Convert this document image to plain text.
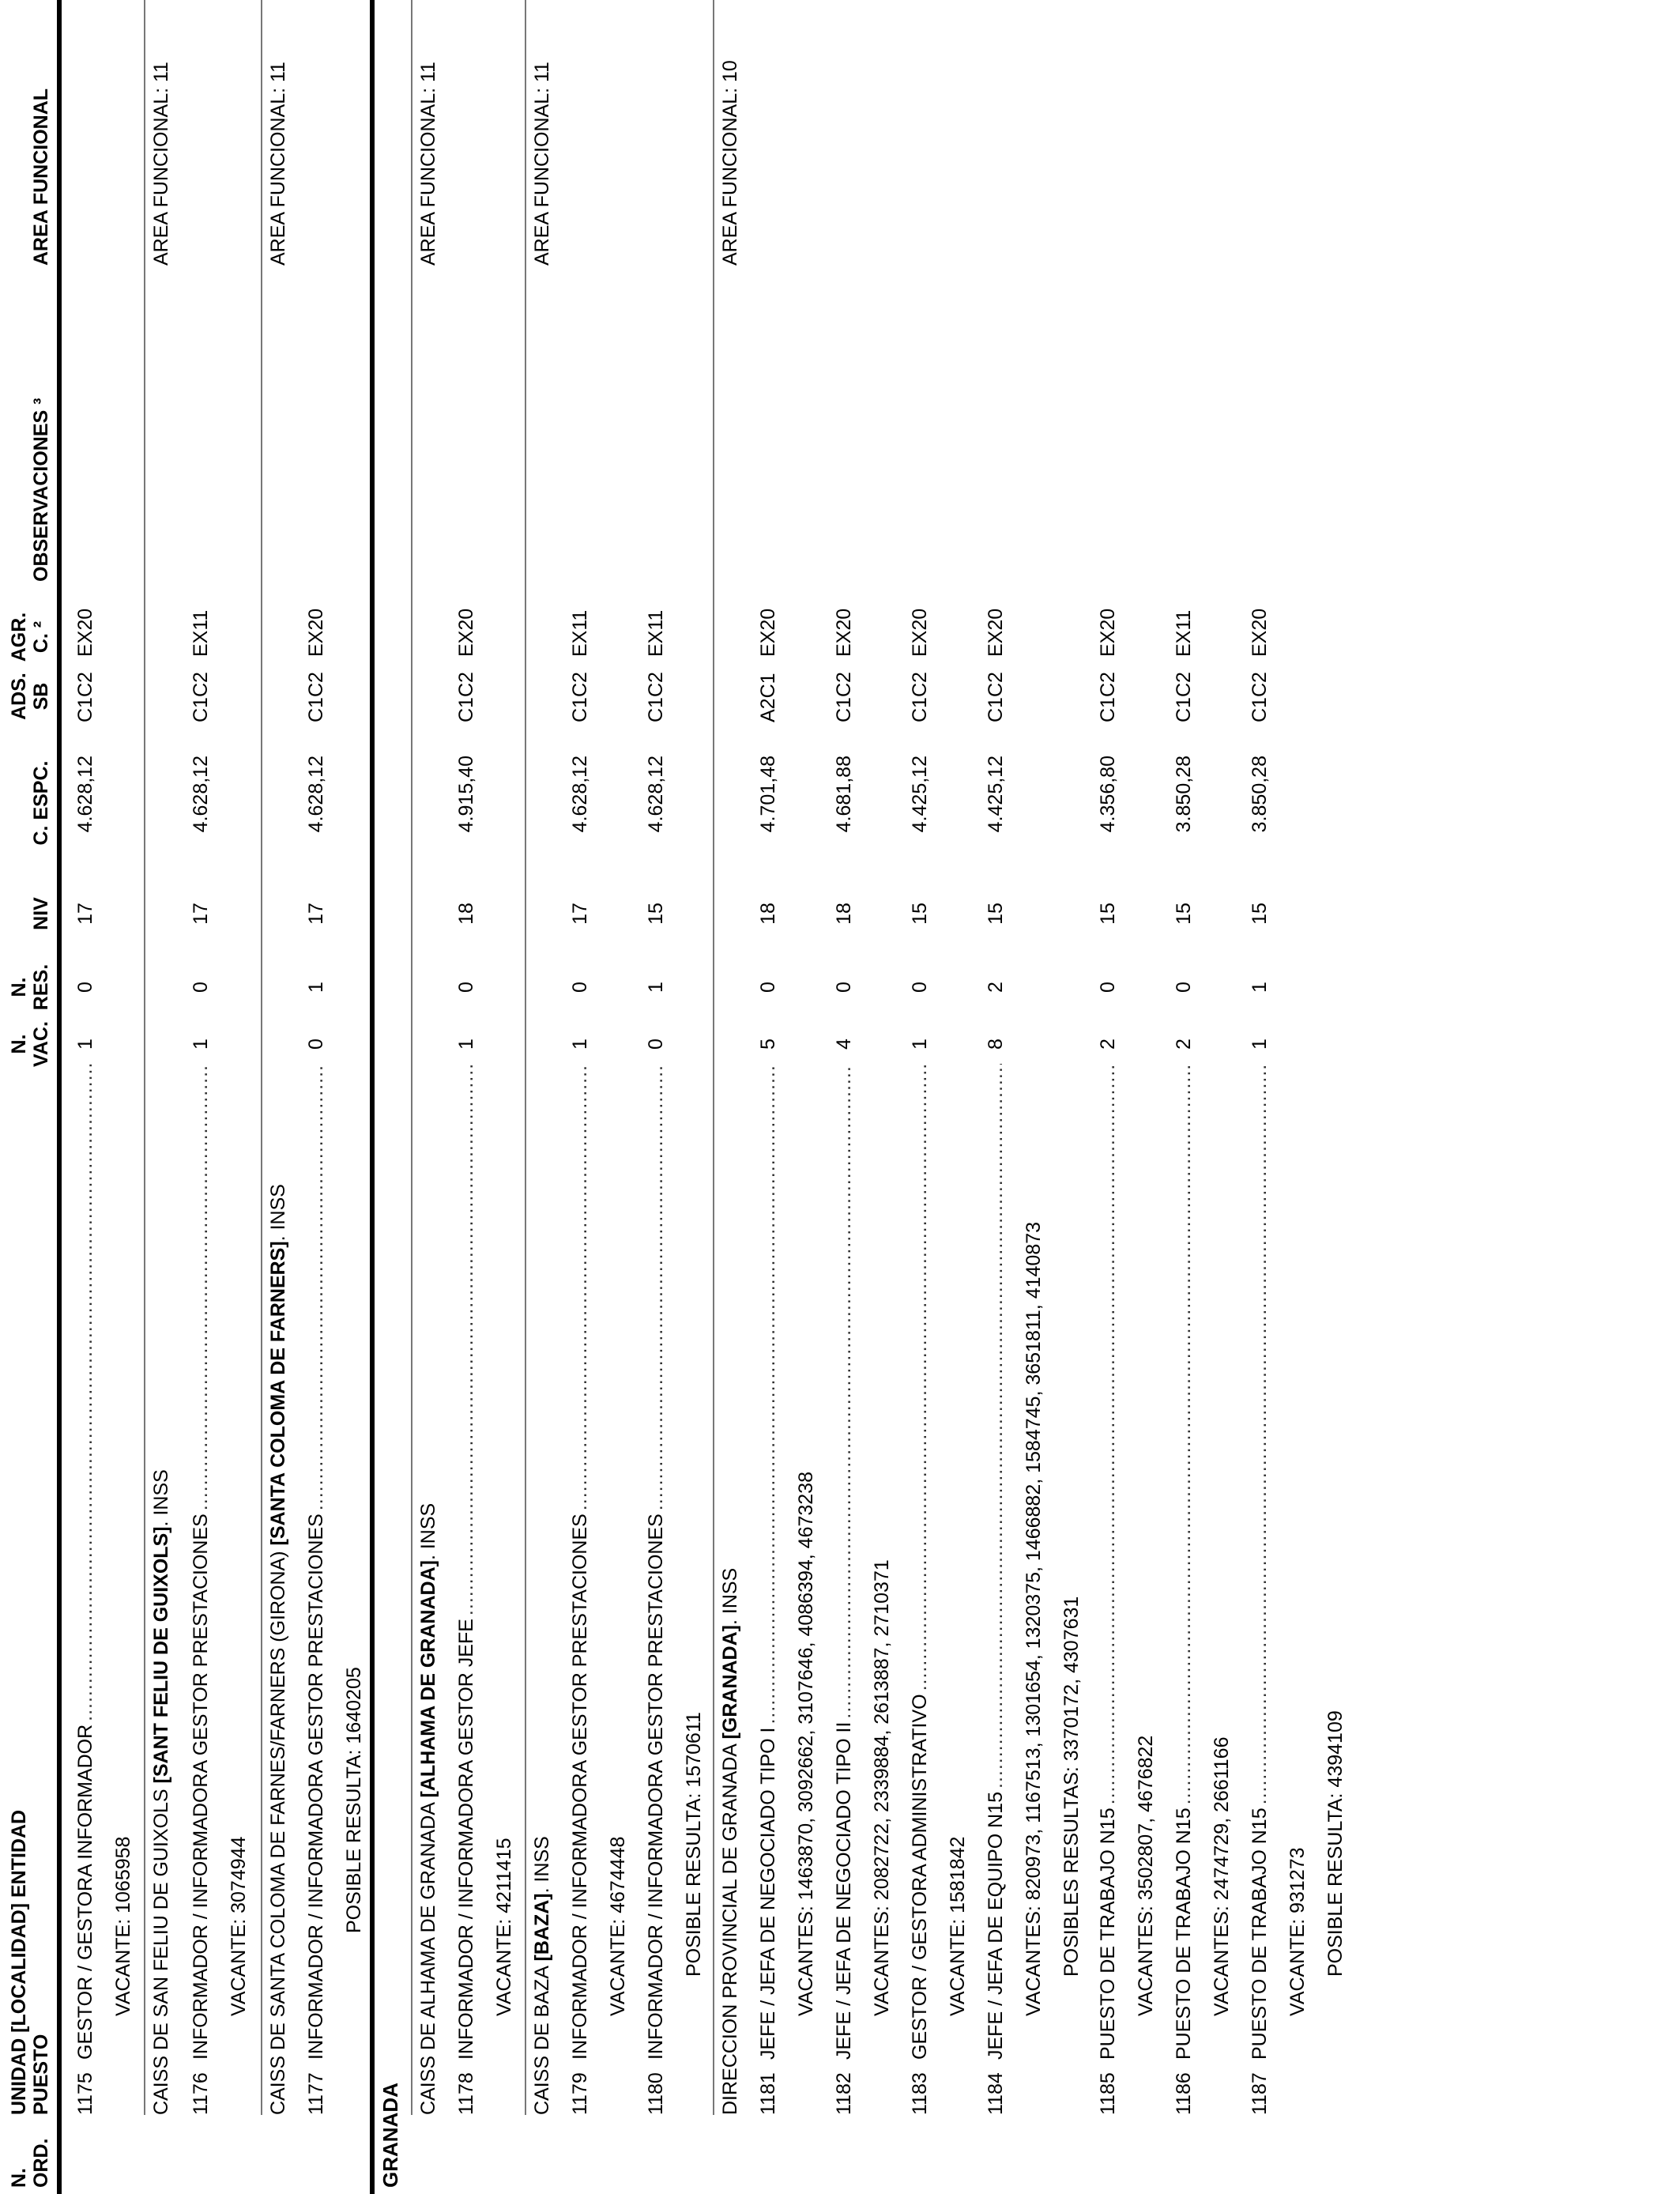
N. ORD.
UNIDAD [LOCALIDAD] ENTIDAD PUESTO
N. VAC.
N. RES.
NIV
C. ESPC.
ADS. SB
AGR. C. ²
OBSERVACIONES ³
AREA FUNCIONAL
1175
GESTOR / GESTORA INFORMADOR
.....
1
0
17
4.628,12
C1C2
EX20
VACANTE: 1065958 CAISS DE SAN FELIU DE GUIXOLS [SANT FELIU DE GUIXOLS]. INSS
AREA FUNCIONAL: 11
1176
INFORMADOR / INFORMADORA GESTOR PRESTACIONES
.....
1
0
17
4.628,12
C1C2
EX11
VACANTE: 3074944 CAISS DE SANTA COLOMA DE FARNES/FARNERS (GIRONA) [SANTA COLOMA DE FARNERS]. INSS
AREA FUNCIONAL: 11
1177
INFORMADOR / INFORMADORA GESTOR PRESTACIONES
.....
0
1
17
4.628,12
C1C2
EX20
POSIBLE RESULTA: 1640205
GRANADA
CAISS DE ALHAMA DE GRANADA [ALHAMA DE GRANADA]. INSS
AREA FUNCIONAL: 11
1178
INFORMADOR / INFORMADORA GESTOR JEFE
.....
1
0
18
4.915,40
C1C2
EX20
VACANTE: 4211415
CAISS DE BAZA [BAZA]. INSS
AREA FUNCIONAL: 11
1179
INFORMADOR / INFORMADORA GESTOR PRESTACIONES
.....
1
0
17
4.628,12
C1C2
EX11
VACANTE: 4674448
1180
INFORMADOR / INFORMADORA GESTOR PRESTACIONES
.....
0
1
15
4.628,12
C1C2
EX11
POSIBLE RESULTA: 1570611 DIRECCION PROVINCIAL DE GRANADA [GRANADA]. INSS
AREA FUNCIONAL: 10
1181
JEFE / JEFA DE NEGOCIADO TIPO I
.....
5
0
18
4.701,48
A2C1
EX20
VACANTES: 1463870, 3092662, 3107646, 4086394, 4673238
1182
JEFE / JEFA DE NEGOCIADO TIPO II
.....
4
0
18
4.681,88
C1C2
EX20
VACANTES: 2082722, 2339884, 2613887, 2710371
1183
GESTOR / GESTORA ADMINISTRATIVO
.....
1
0
15
4.425,12
C1C2
EX20
VACANTE: 1581842
1184
JEFE / JEFA DE EQUIPO N15
.....
8
2
15
4.425,12
C1C2
EX20
VACANTES: 820973, 1167513, 1301654, 1320375, 1466882, 1584745, 3651811, 4140873 POSIBLES RESULTAS: 3370172, 4307631
1185
PUESTO DE TRABAJO N15
.....
2
0
15
4.356,80
C1C2
EX20
VACANTES: 3502807, 4676822
1186
PUESTO DE TRABAJO N15
.....
2
0
15
3.850,28
C1C2
EX11
VACANTES: 2474729, 2661166
1187
PUESTO DE TRABAJO N15
.....
1
1
15
3.850,28
C1C2
EX20
VACANTE: 931273 POSIBLE RESULTA: 4394109
